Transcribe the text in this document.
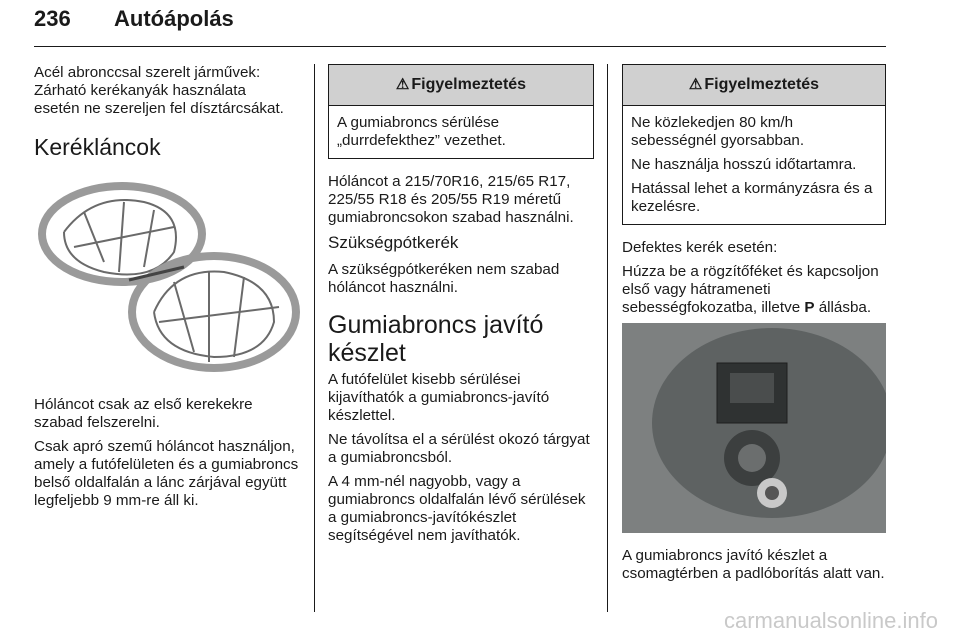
236 Autóápolás
Acél abronccsal szerelt járművek:
Zárható kerékanyák használata
esetén ne szereljen fel dísztárcsákat.
Kerékláncok

Hóláncot csak az első kerekekre szabad felszerelni.

Csak apró szemű hóláncot használjon, amely a futófelületen és a gumiabroncs belső oldalfalán a lánc zárjával együtt legfeljebb 9 mm-re áll ki.

⚠ Figyelmeztetés

A gumiabroncs sérülése „durrdefekthez” vezethet.

Hóláncot a 215/70R16, 215/65 R17, 225/55 R18 és 205/55 R19 méretű gumiabroncsokon szabad használni.

Szükségpótkerék

A szükségpótkeréken nem szabad hóláncot használni.

Gumiabroncs javító készlet

A futófelület kisebb sérülései kijavíthatók a gumiabroncs-javító készlettel.

Ne távolítsa el a sérülést okozó tárgyat a gumiabroncsból.

A 4 mm-nél nagyobb, vagy a gumiabroncs oldalfalán lévő sérülések a gumiabroncs-javítókészlet segítségével nem javíthatók.

⚠ Figyelmeztetés

Ne közlekedjen 80 km/h sebességnél gyorsabban.

Ne használja hosszú időtartamra.

Hatással lehet a kormányzásra és a kezelésre.

Defektes kerék esetén:

Húzza be a rögzítőféket és kapcsoljon első vagy hátrameneti sebességfokozatba, illetve P állásba.

A gumiabroncs javító készlet a csomagtérben a padlóborítás alatt van.

carmanualsonline.info
